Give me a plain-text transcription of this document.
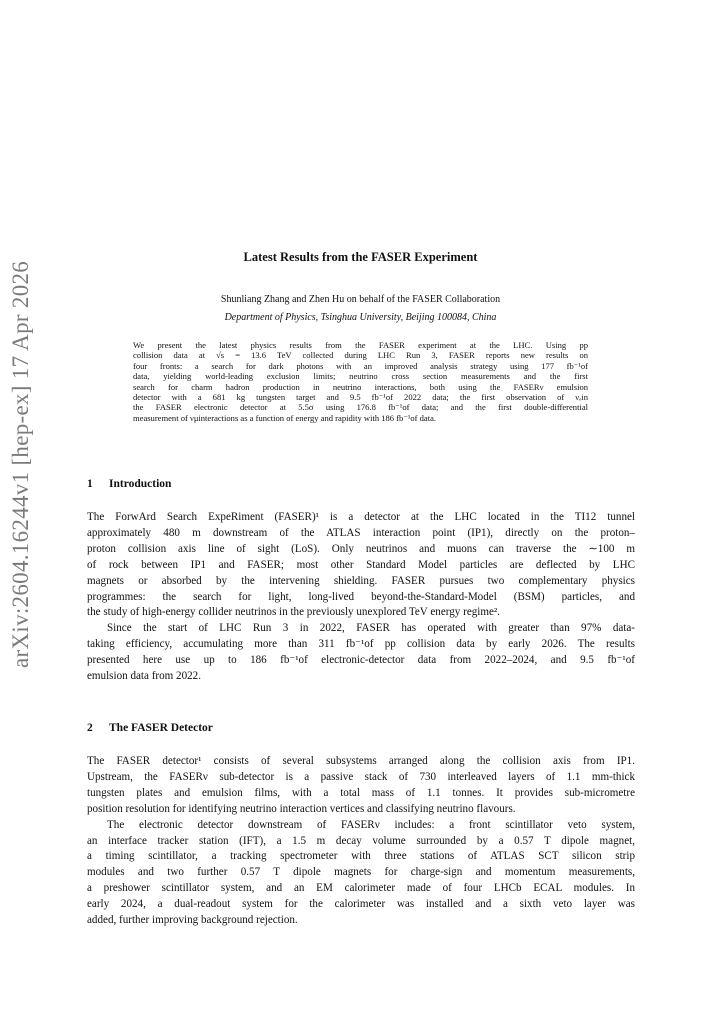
arXiv:2604.16244v1 [hep-ex] 17 Apr 2026
Latest Results from the FASER Experiment
Shunliang Zhang and Zhen Hu on behalf of the FASER Collaboration
Department of Physics, Tsinghua University, Beijing 100084, China
We present the latest physics results from the FASER experiment at the LHC. Using pp
collision data at √s = 13.6 TeV collected during LHC Run 3, FASER reports new results on
four fronts: a search for dark photons with an improved analysis strategy using 177 fb⁻¹of
data, yielding world-leading exclusion limits; neutrino cross section measurements and the first
search for charm hadron production in neutrino interactions, both using the FASERν emulsion
detector with a 681 kg tungsten target and 9.5 fb⁻¹of 2022 data; the first observation of νₑin
the FASER electronic detector at 5.5σ using 176.8 fb⁻¹of data; and the first double-differential
measurement of νμinteractions as a function of energy and rapidity with 186 fb⁻¹of data.
1 Introduction
The ForwArd Search ExpeRiment (FASER)¹ is a detector at the LHC located in the TI12 tunnel
approximately 480 m downstream of the ATLAS interaction point (IP1), directly on the proton–
proton collision axis line of sight (LoS). Only neutrinos and muons can traverse the ∼100 m
of rock between IP1 and FASER; most other Standard Model particles are deflected by LHC
magnets or absorbed by the intervening shielding. FASER pursues two complementary physics
programmes: the search for light, long-lived beyond-the-Standard-Model (BSM) particles, and
the study of high-energy collider neutrinos in the previously unexplored TeV energy regime².
Since the start of LHC Run 3 in 2022, FASER has operated with greater than 97% data-
taking efficiency, accumulating more than 311 fb⁻¹of pp collision data by early 2026. The results
presented here use up to 186 fb⁻¹of electronic-detector data from 2022–2024, and 9.5 fb⁻¹of
emulsion data from 2022.
2 The FASER Detector
The FASER detector¹ consists of several subsystems arranged along the collision axis from IP1.
Upstream, the FASERν sub-detector is a passive stack of 730 interleaved layers of 1.1 mm-thick
tungsten plates and emulsion films, with a total mass of 1.1 tonnes. It provides sub-micrometre
position resolution for identifying neutrino interaction vertices and classifying neutrino flavours.
The electronic detector downstream of FASERν includes: a front scintillator veto system,
an interface tracker station (IFT), a 1.5 m decay volume surrounded by a 0.57 T dipole magnet,
a timing scintillator, a tracking spectrometer with three stations of ATLAS SCT silicon strip
modules and two further 0.57 T dipole magnets for charge-sign and momentum measurements,
a preshower scintillator system, and an EM calorimeter made of four LHCb ECAL modules. In
early 2024, a dual-readout system for the calorimeter was installed and a sixth veto layer was
added, further improving background rejection.
